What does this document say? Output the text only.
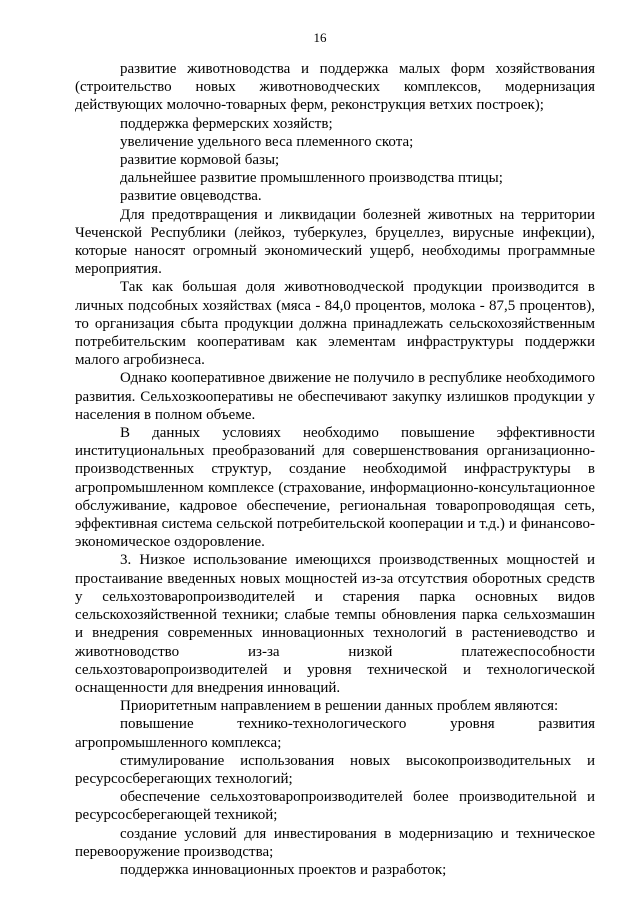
16

развитие животноводства и поддержка малых форм хозяйствования (строительство новых животноводческих комплексов, модернизация действующих молочно-товарных ферм, реконструкция ветхих построек);

поддержка фермерских хозяйств;

увеличение удельного веса племенного скота;

развитие кормовой базы;

дальнейшее развитие промышленного производства птицы;

развитие овцеводства.

Для предотвращения и ликвидации болезней животных на территории Чеченской Республики (лейкоз, туберкулез, бруцеллез, вирусные инфекции), которые наносят огромный экономический ущерб, необходимы программные мероприятия.

Так как большая доля животноводческой продукции производится в личных подсобных хозяйствах (мяса - 84,0 процентов, молока - 87,5 процентов), то организация сбыта продукции должна принадлежать сельскохозяйственным потребительским кооперативам как элементам инфраструктуры поддержки малого агробизнеса.

Однако кооперативное движение не получило в республике необходимого развития. Сельхозкооперативы не обеспечивают закупку излишков продукции у населения в полном объеме.

В данных условиях необходимо повышение эффективности институциональных преобразований для совершенствования организационно-производственных структур, создание необходимой инфраструктуры в агропромышленном комплексе (страхование, информационно-консультационное обслуживание, кадровое обеспечение, региональная товаропроводящая сеть, эффективная система сельской потребительской кооперации и т.д.) и финансово-экономическое оздоровление.

3. Низкое использование имеющихся производственных мощностей и простаивание введенных новых мощностей из-за отсутствия оборотных средств у сельхозтоваропроизводителей и старения парка основных видов сельскохозяйственной техники; слабые темпы обновления парка сельхозмашин и внедрения современных инновационных технологий в растениеводство и животноводство из-за низкой платежеспособности сельхозтоваропроизводителей и уровня технической и технологической оснащенности для внедрения инноваций.

Приоритетным направлением в решении данных проблем являются:

повышение технико-технологического уровня развития агропромышленного комплекса;

стимулирование использования новых высокопроизводительных и ресурсосберегающих технологий;

обеспечение сельхозтоваропроизводителей более производительной и ресурсосберегающей техникой;

создание условий для инвестирования в модернизацию и техническое перевооружение производства;

поддержка инновационных проектов и разработок;
